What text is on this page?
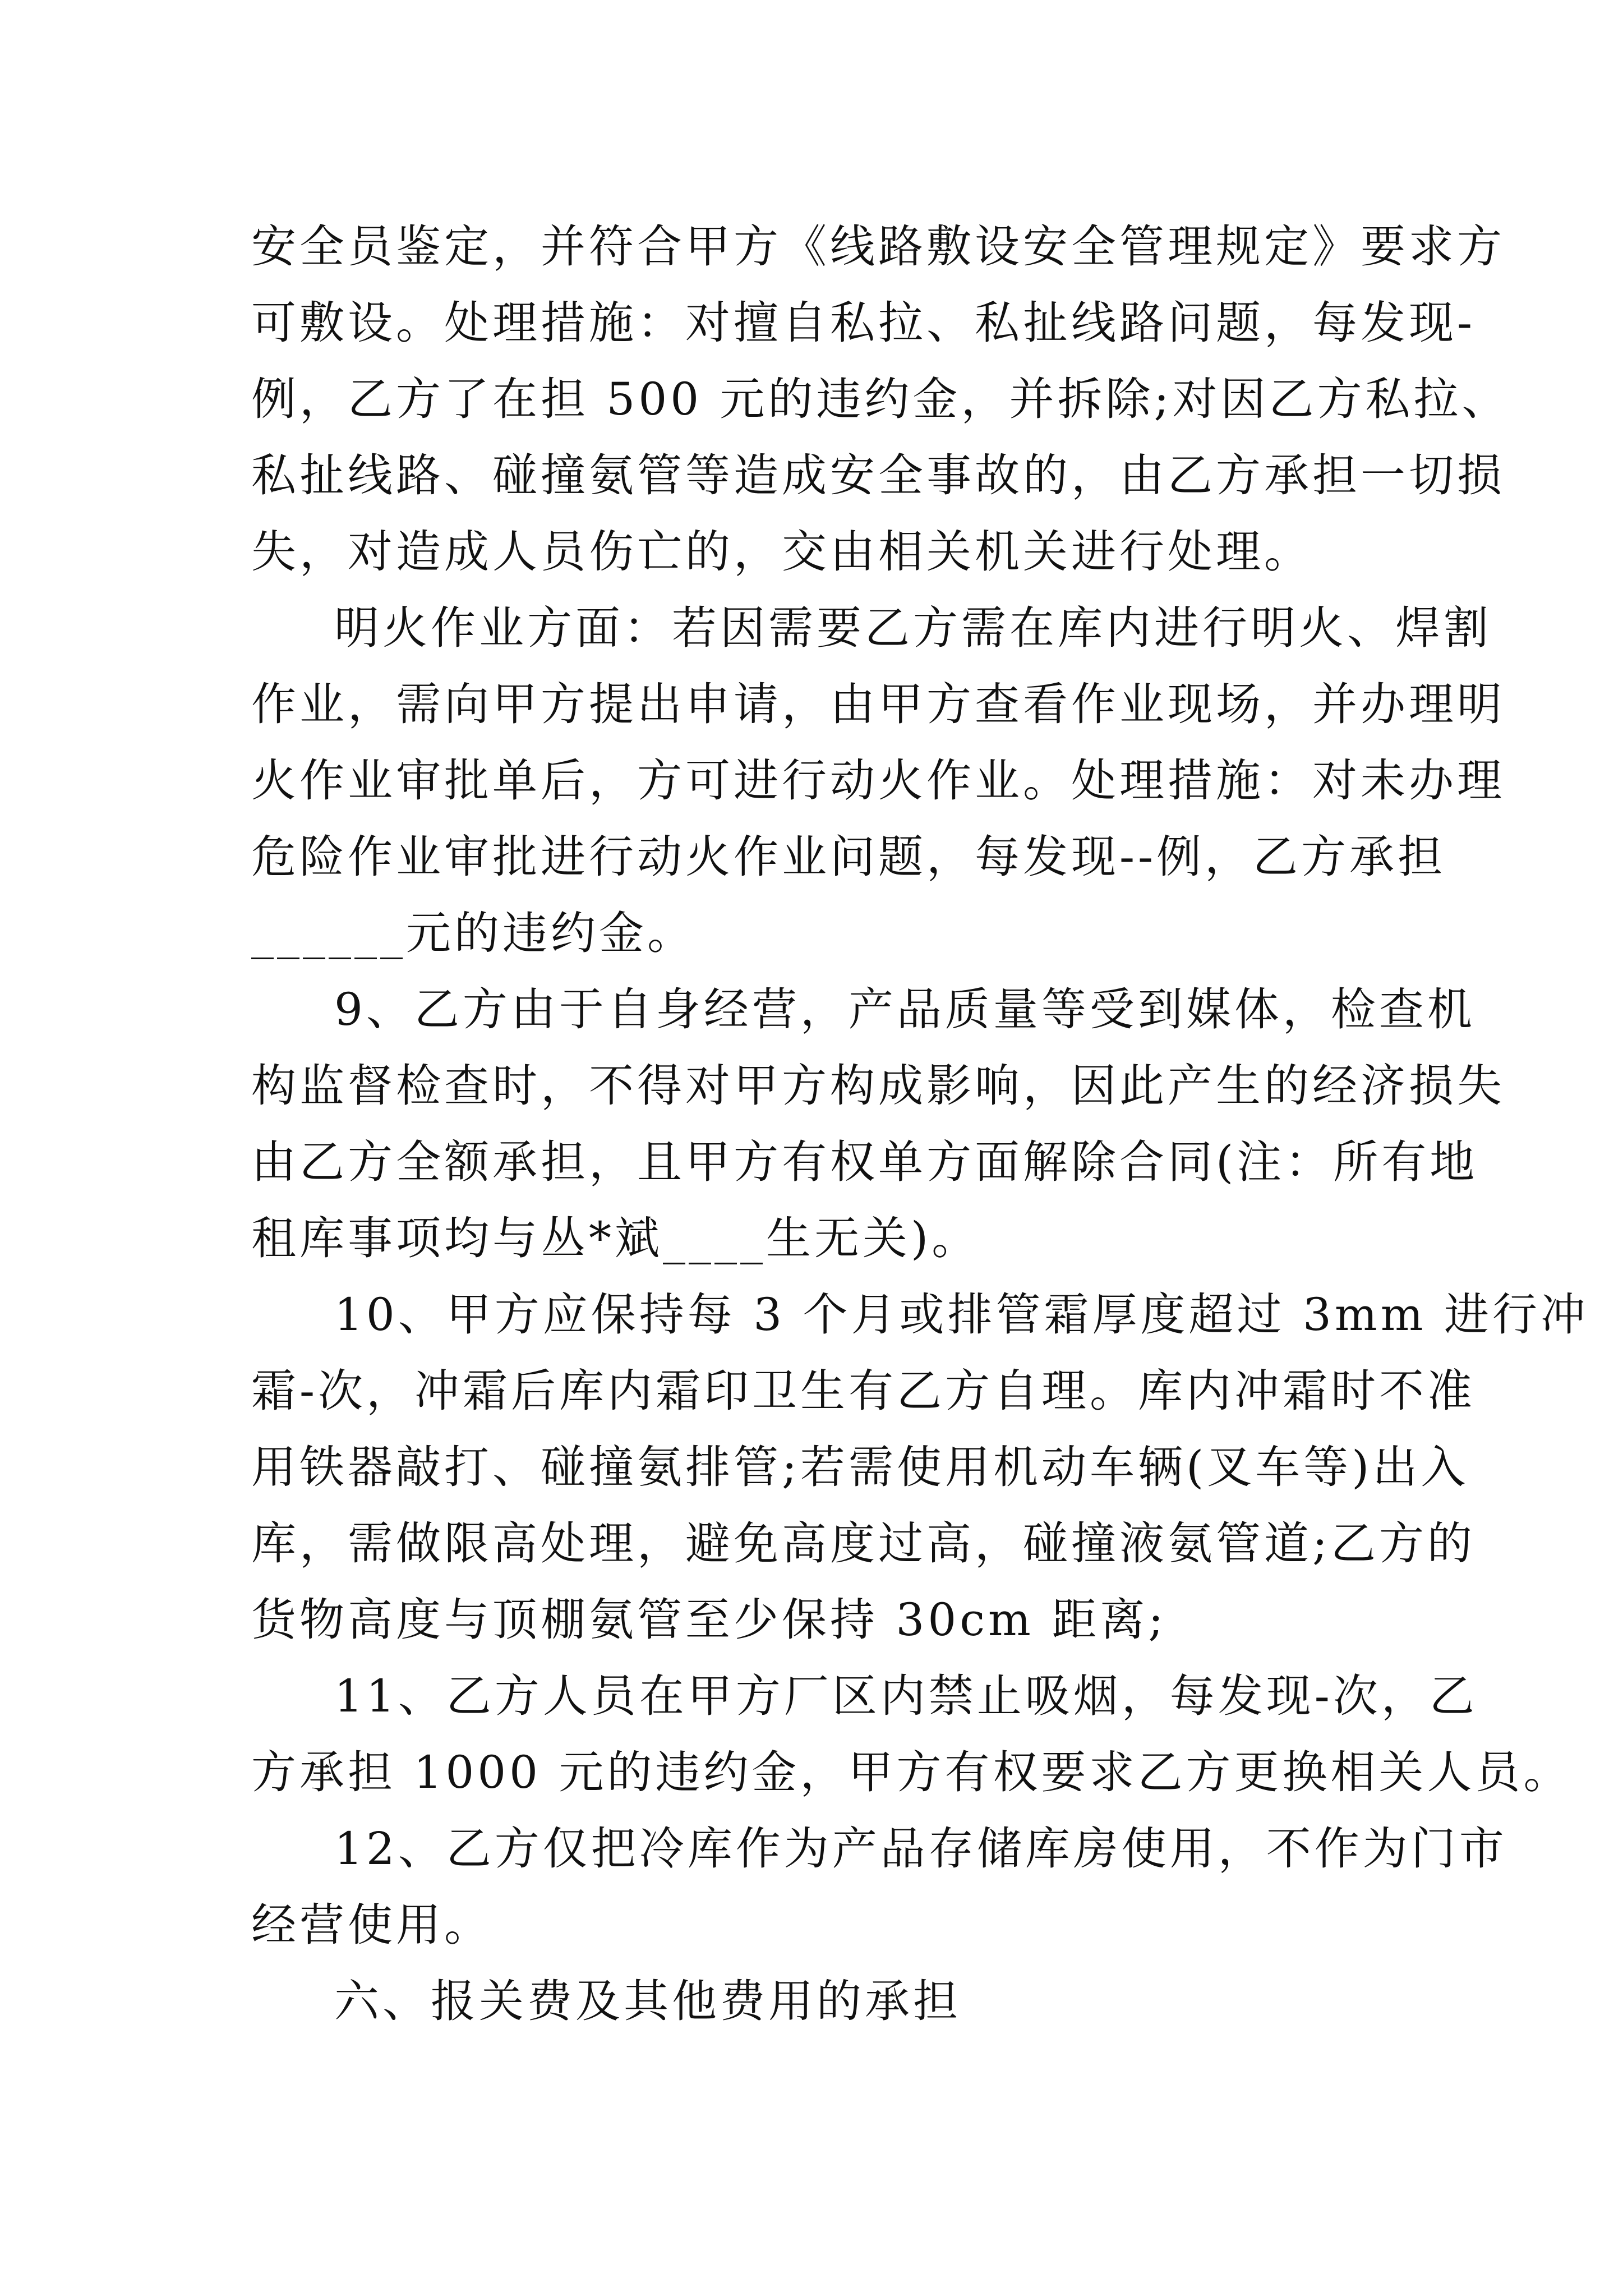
安全员鉴定，并符合甲方《线路敷设安全管理规定》要求方
可敷设。处理措施：对擅自私拉、私扯线路问题，每发现-
例，乙方了在担 500 元的违约金，并拆除;对因乙方私拉、
私扯线路、碰撞氨管等造成安全事故的，由乙方承担一切损
失，对造成人员伤亡的，交由相关机关进行处理。
明火作业方面：若因需要乙方需在库内进行明火、焊割
作业，需向甲方提出申请，由甲方查看作业现场，并办理明
火作业审批单后，方可进行动火作业。处理措施：对未办理
危险作业审批进行动火作业问题，每发现--例，乙方承担
______元的违约金。
9、乙方由于自身经营，产品质量等受到媒体，检查机
构监督检查时，不得对甲方构成影响，因此产生的经济损失
由乙方全额承担，且甲方有权单方面解除合同(注：所有地
租库事项均与丛*斌____生无关)。
10、甲方应保持每 3 个月或排管霜厚度超过 3mm 进行冲
霜-次，冲霜后库内霜印卫生有乙方自理。库内冲霜时不准
用铁器敲打、碰撞氨排管;若需使用机动车辆(叉车等)出入
库，需做限高处理，避免高度过高，碰撞液氨管道;乙方的
货物高度与顶棚氨管至少保持 30cm 距离;
11、乙方人员在甲方厂区内禁止吸烟，每发现-次，乙
方承担 1000 元的违约金，甲方有权要求乙方更换相关人员。
12、乙方仅把冷库作为产品存储库房使用，不作为门市
经营使用。
六、报关费及其他费用的承担
